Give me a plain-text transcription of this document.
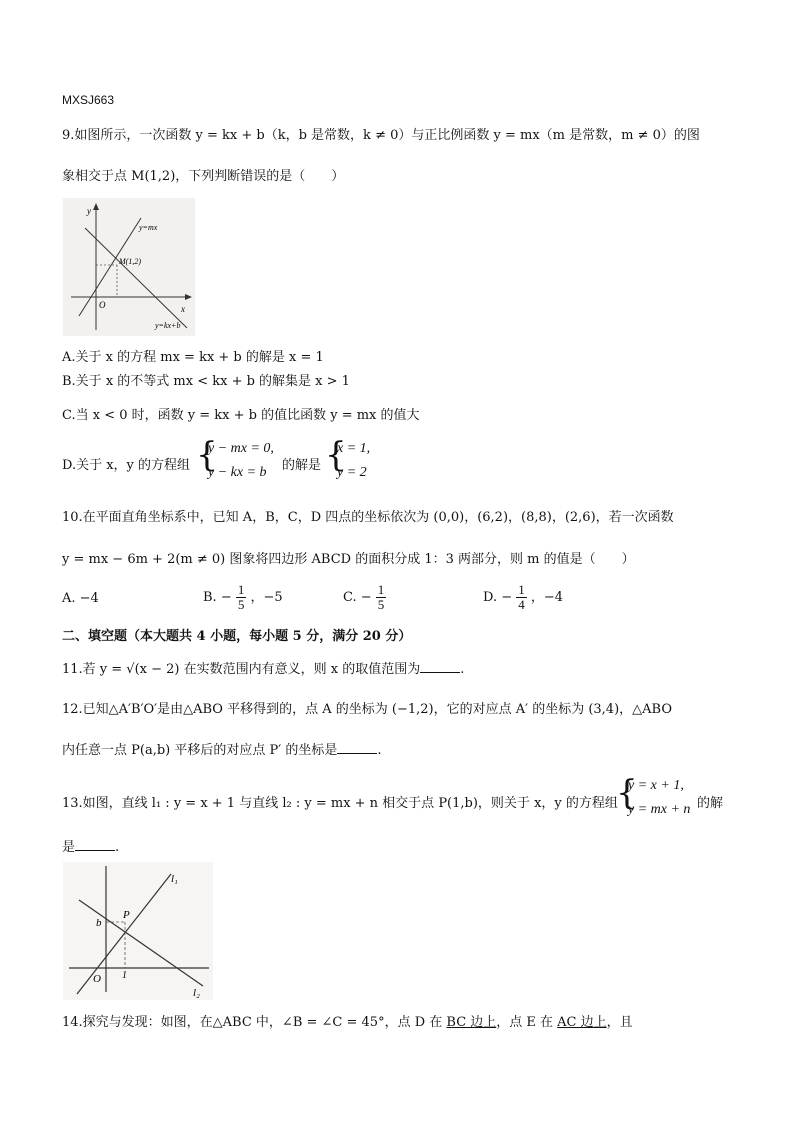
MXSJ663
9.如图所示，一次函数 y = kx + b（k，b 是常数，k ≠ 0）与正比例函数 y = mx（m 是常数，m ≠ 0）的图
象相交于点 M(1,2)，下列判断错误的是（　　）
y
x
O
y=mx
M(1,2)
y=kx+b
A.关于 x 的方程 mx = kx + b 的解是 x = 1
B.关于 x 的不等式 mx < kx + b 的解集是 x > 1
C.当 x < 0 时，函数 y = kx + b 的值比函数 y = mx 的值大
D.关于 x，y 的方程组 {
y − mx = 0,
y − kx = b 的解是 {
x = 1,
y = 2
10.在平面直角坐标系中，已知 A，B，C，D 四点的坐标依次为 (0,0)，(6,2)，(8,8)，(2,6)，若一次函数
y = mx − 6m + 2(m ≠ 0) 图象将四边形 ABCD 的面积分成 1：3 两部分，则 m 的值是（　　）
A. −4	B. − $\frac{1}{5}$ ，−5	C. − $\frac{1}{5}$	D. − $\frac{1}{4}$ ，−4
二、填空题（本大题共 4 小题，每小题 5 分，满分 20 分）
11.若 y = √(x − 2) 在实数范围内有意义，则 x 的取值范围为	.
12.已知△A′B′O′是由△ABO 平移得到的，点 A 的坐标为 (−1,2)，它的对应点 A′ 的坐标为 (3,4)，△ABO
内任意一点 P(a,b) 平移后的对应点 P′ 的坐标是	.
13.如图，直线 l₁ : y = x + 1 与直线 l₂ : y = mx + n 相交于点 P(1,b)，则关于 x，y 的方程组
{
y = x + 1,
y = mx + n 的解
是	.
l₁
l₂
P
b
O 1
14.探究与发现：如图，在△ABC 中，∠B = ∠C = 45°，点 D 在 BC 边上，点 E 在 AC 边上，且
